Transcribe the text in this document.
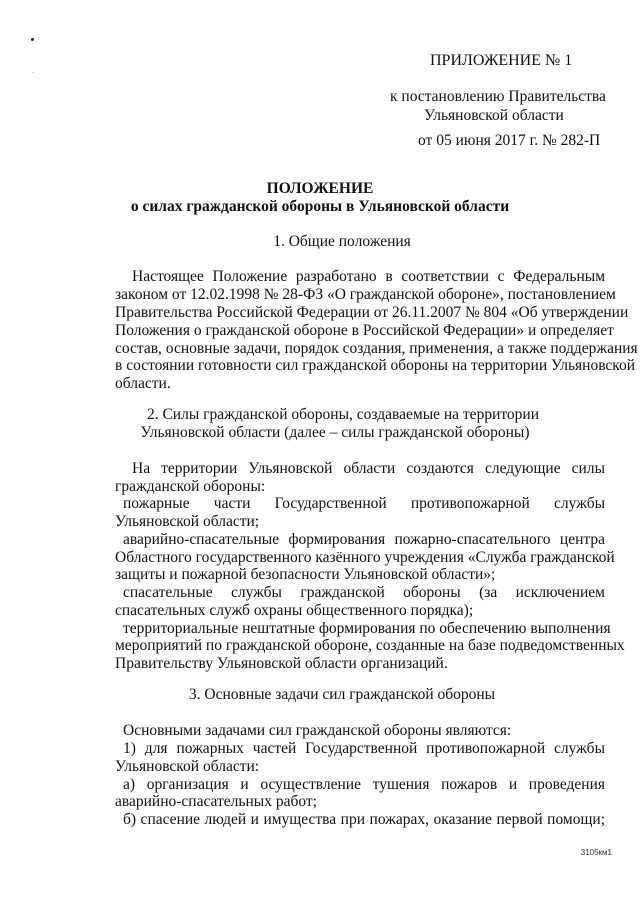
ПРИЛОЖЕНИЕ № 1
к постановлению Правительства
Ульяновской области
от 05 июня 2017 г. № 282-П
ПОЛОЖЕНИЕ
о силах гражданской обороны в Ульяновской области
1. Общие положения
Настоящее Положение разработано в соответствии с Федеральным
законом от 12.02.1998 № 28-ФЗ «О гражданской обороне», постановлением
Правительства Российской Федерации от 26.11.2007 № 804 «Об утверждении
Положения о гражданской обороне в Российской Федерации» и определяет
состав, основные задачи, порядок создания, применения, а также поддержания
в состоянии готовности сил гражданской обороны на территории Ульяновской
области.
2. Силы гражданской обороны, создаваемые на территории
Ульяновской области (далее – силы гражданской обороны)
На территории Ульяновской области создаются следующие силы
гражданской обороны:
пожарные части Государственной противопожарной службы
Ульяновской области;
аварийно-спасательные формирования пожарно-спасательного центра
Областного государственного казённого учреждения «Служба гражданской
защиты и пожарной безопасности Ульяновской области»;
спасательные службы гражданской обороны (за исключением
спасательных служб охраны общественного порядка);
территориальные нештатные формирования по обеспечению выполнения
мероприятий по гражданской обороне, созданные на базе подведомственных
Правительству Ульяновской области организаций.
3. Основные задачи сил гражданской обороны
Основными задачами сил гражданской обороны являются:
1) для пожарных частей Государственной противопожарной службы
Ульяновской области:
а) организация и осуществление тушения пожаров и проведения
аварийно-спасательных работ;
б) спасение людей и имущества при пожарах, оказание первой помощи;
3105км1
